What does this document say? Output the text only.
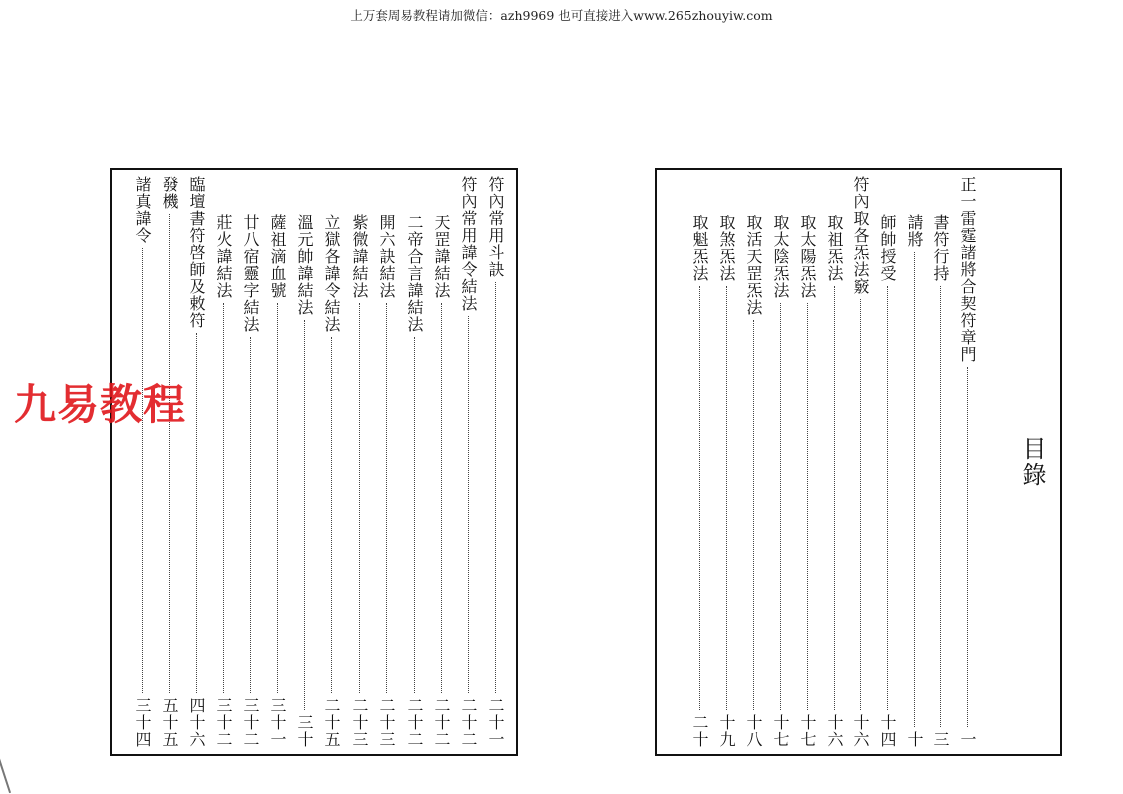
上万套周易教程请加微信：azh9969 也可直接进入www.265zhouyiw.com
符內常用斗訣
二十一
符內常用諱令結法
二十二
天罡諱結法
二十二
二帝合言諱結法
二十二
開六訣結法
二十三
紫微諱結法
二十三
立獄各諱令結法
二十五
溫元帥諱結法
三十
薩祖滴血號
三十一
廿八宿靈字結法
三十二
莊火諱結法
三十二
臨壇書符啓師及敕符
四十六
發機
五十五
諸真諱令
三十四
正一雷霆諸將合契符章門
一
書符行持
三
請將
十
師帥授受
十四
符內取各炁法竅
十六
取祖炁法
十六
取太陽炁法
十七
取太陰炁法
十七
取活天罡炁法
十八
取煞炁法
十九
取魁炁法
二十
目錄
九易教程
